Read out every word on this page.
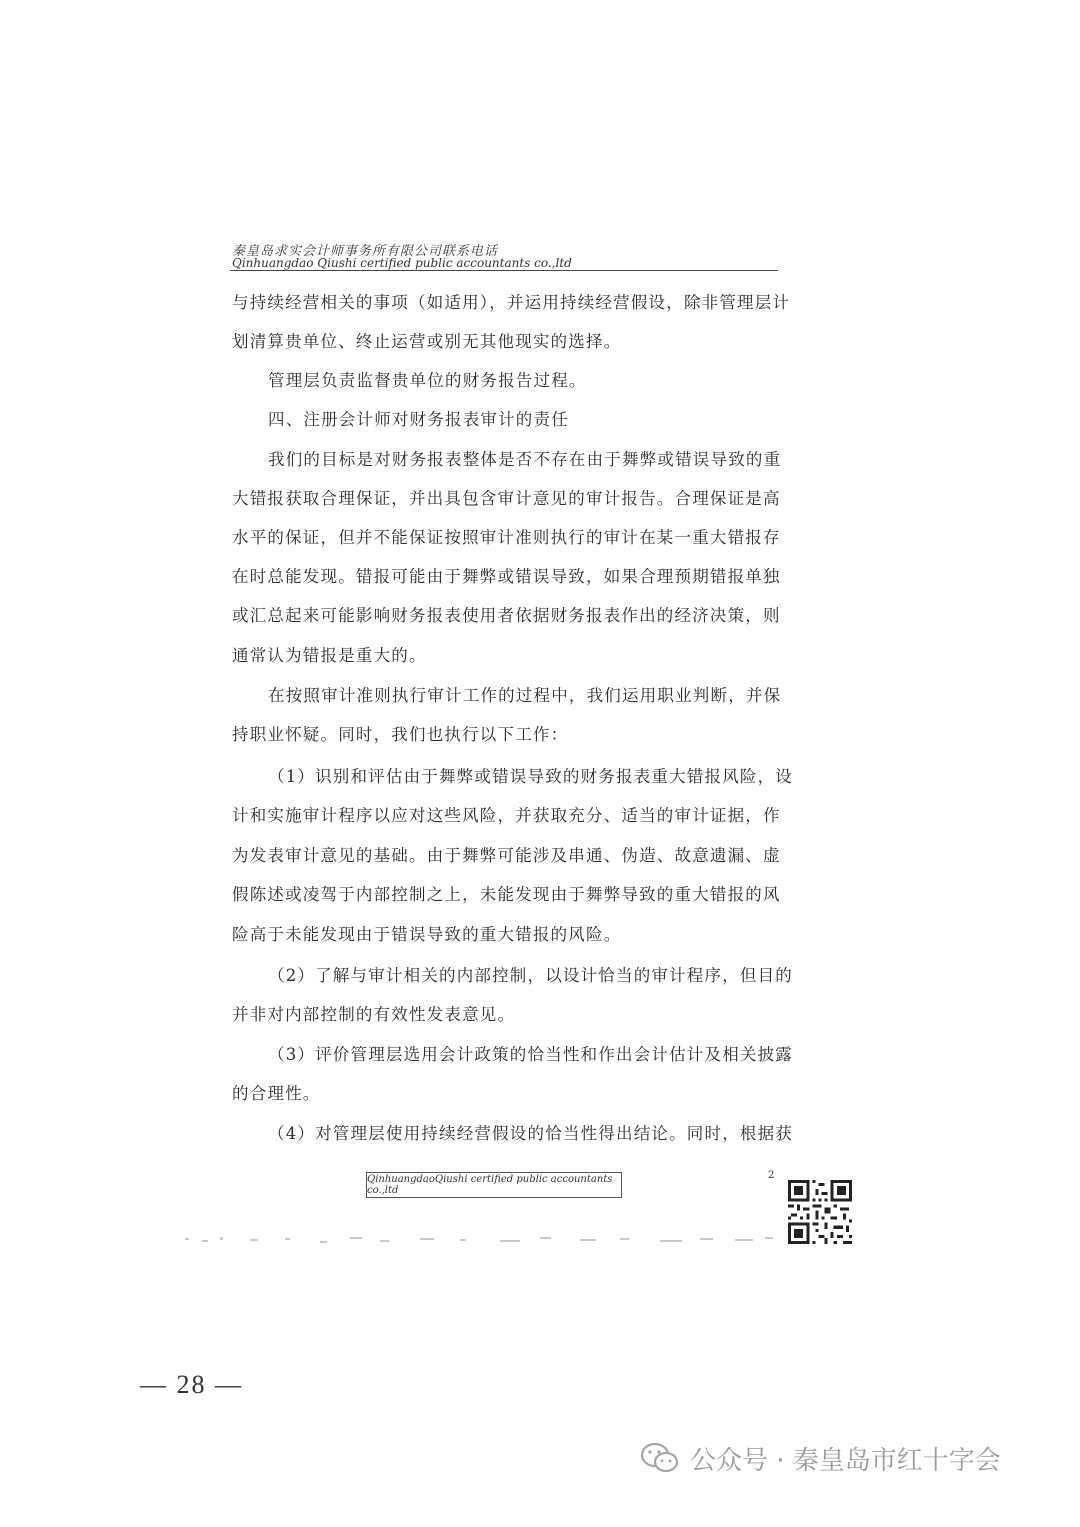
秦皇岛求实会计师事务所有限公司联系电话
Qinhuangdao Qiushi certified public accountants co.,ltd
与持续经营相关的事项（如适用），并运用持续经营假设，除非管理层计
划清算贵单位、终止运营或别无其他现实的选择。
管理层负责监督贵单位的财务报告过程。
四、注册会计师对财务报表审计的责任
我们的目标是对财务报表整体是否不存在由于舞弊或错误导致的重
大错报获取合理保证，并出具包含审计意见的审计报告。合理保证是高
水平的保证，但并不能保证按照审计准则执行的审计在某一重大错报存
在时总能发现。错报可能由于舞弊或错误导致，如果合理预期错报单独
或汇总起来可能影响财务报表使用者依据财务报表作出的经济决策，则
通常认为错报是重大的。
在按照审计准则执行审计工作的过程中，我们运用职业判断，并保
持职业怀疑。同时，我们也执行以下工作：
（1）识别和评估由于舞弊或错误导致的财务报表重大错报风险，设
计和实施审计程序以应对这些风险，并获取充分、适当的审计证据，作
为发表审计意见的基础。由于舞弊可能涉及串通、伪造、故意遗漏、虚
假陈述或凌驾于内部控制之上，未能发现由于舞弊导致的重大错报的风
险高于未能发现由于错误导致的重大错报的风险。
（2）了解与审计相关的内部控制，以设计恰当的审计程序，但目的
并非对内部控制的有效性发表意见。
（3）评价管理层选用会计政策的恰当性和作出会计估计及相关披露
的合理性。
（4）对管理层使用持续经营假设的恰当性得出结论。同时，根据获
2
QinhuangdaoQiushi certified public accountants co.,ltd
— 28 —
公众号 · 秦皇岛市红十字会
